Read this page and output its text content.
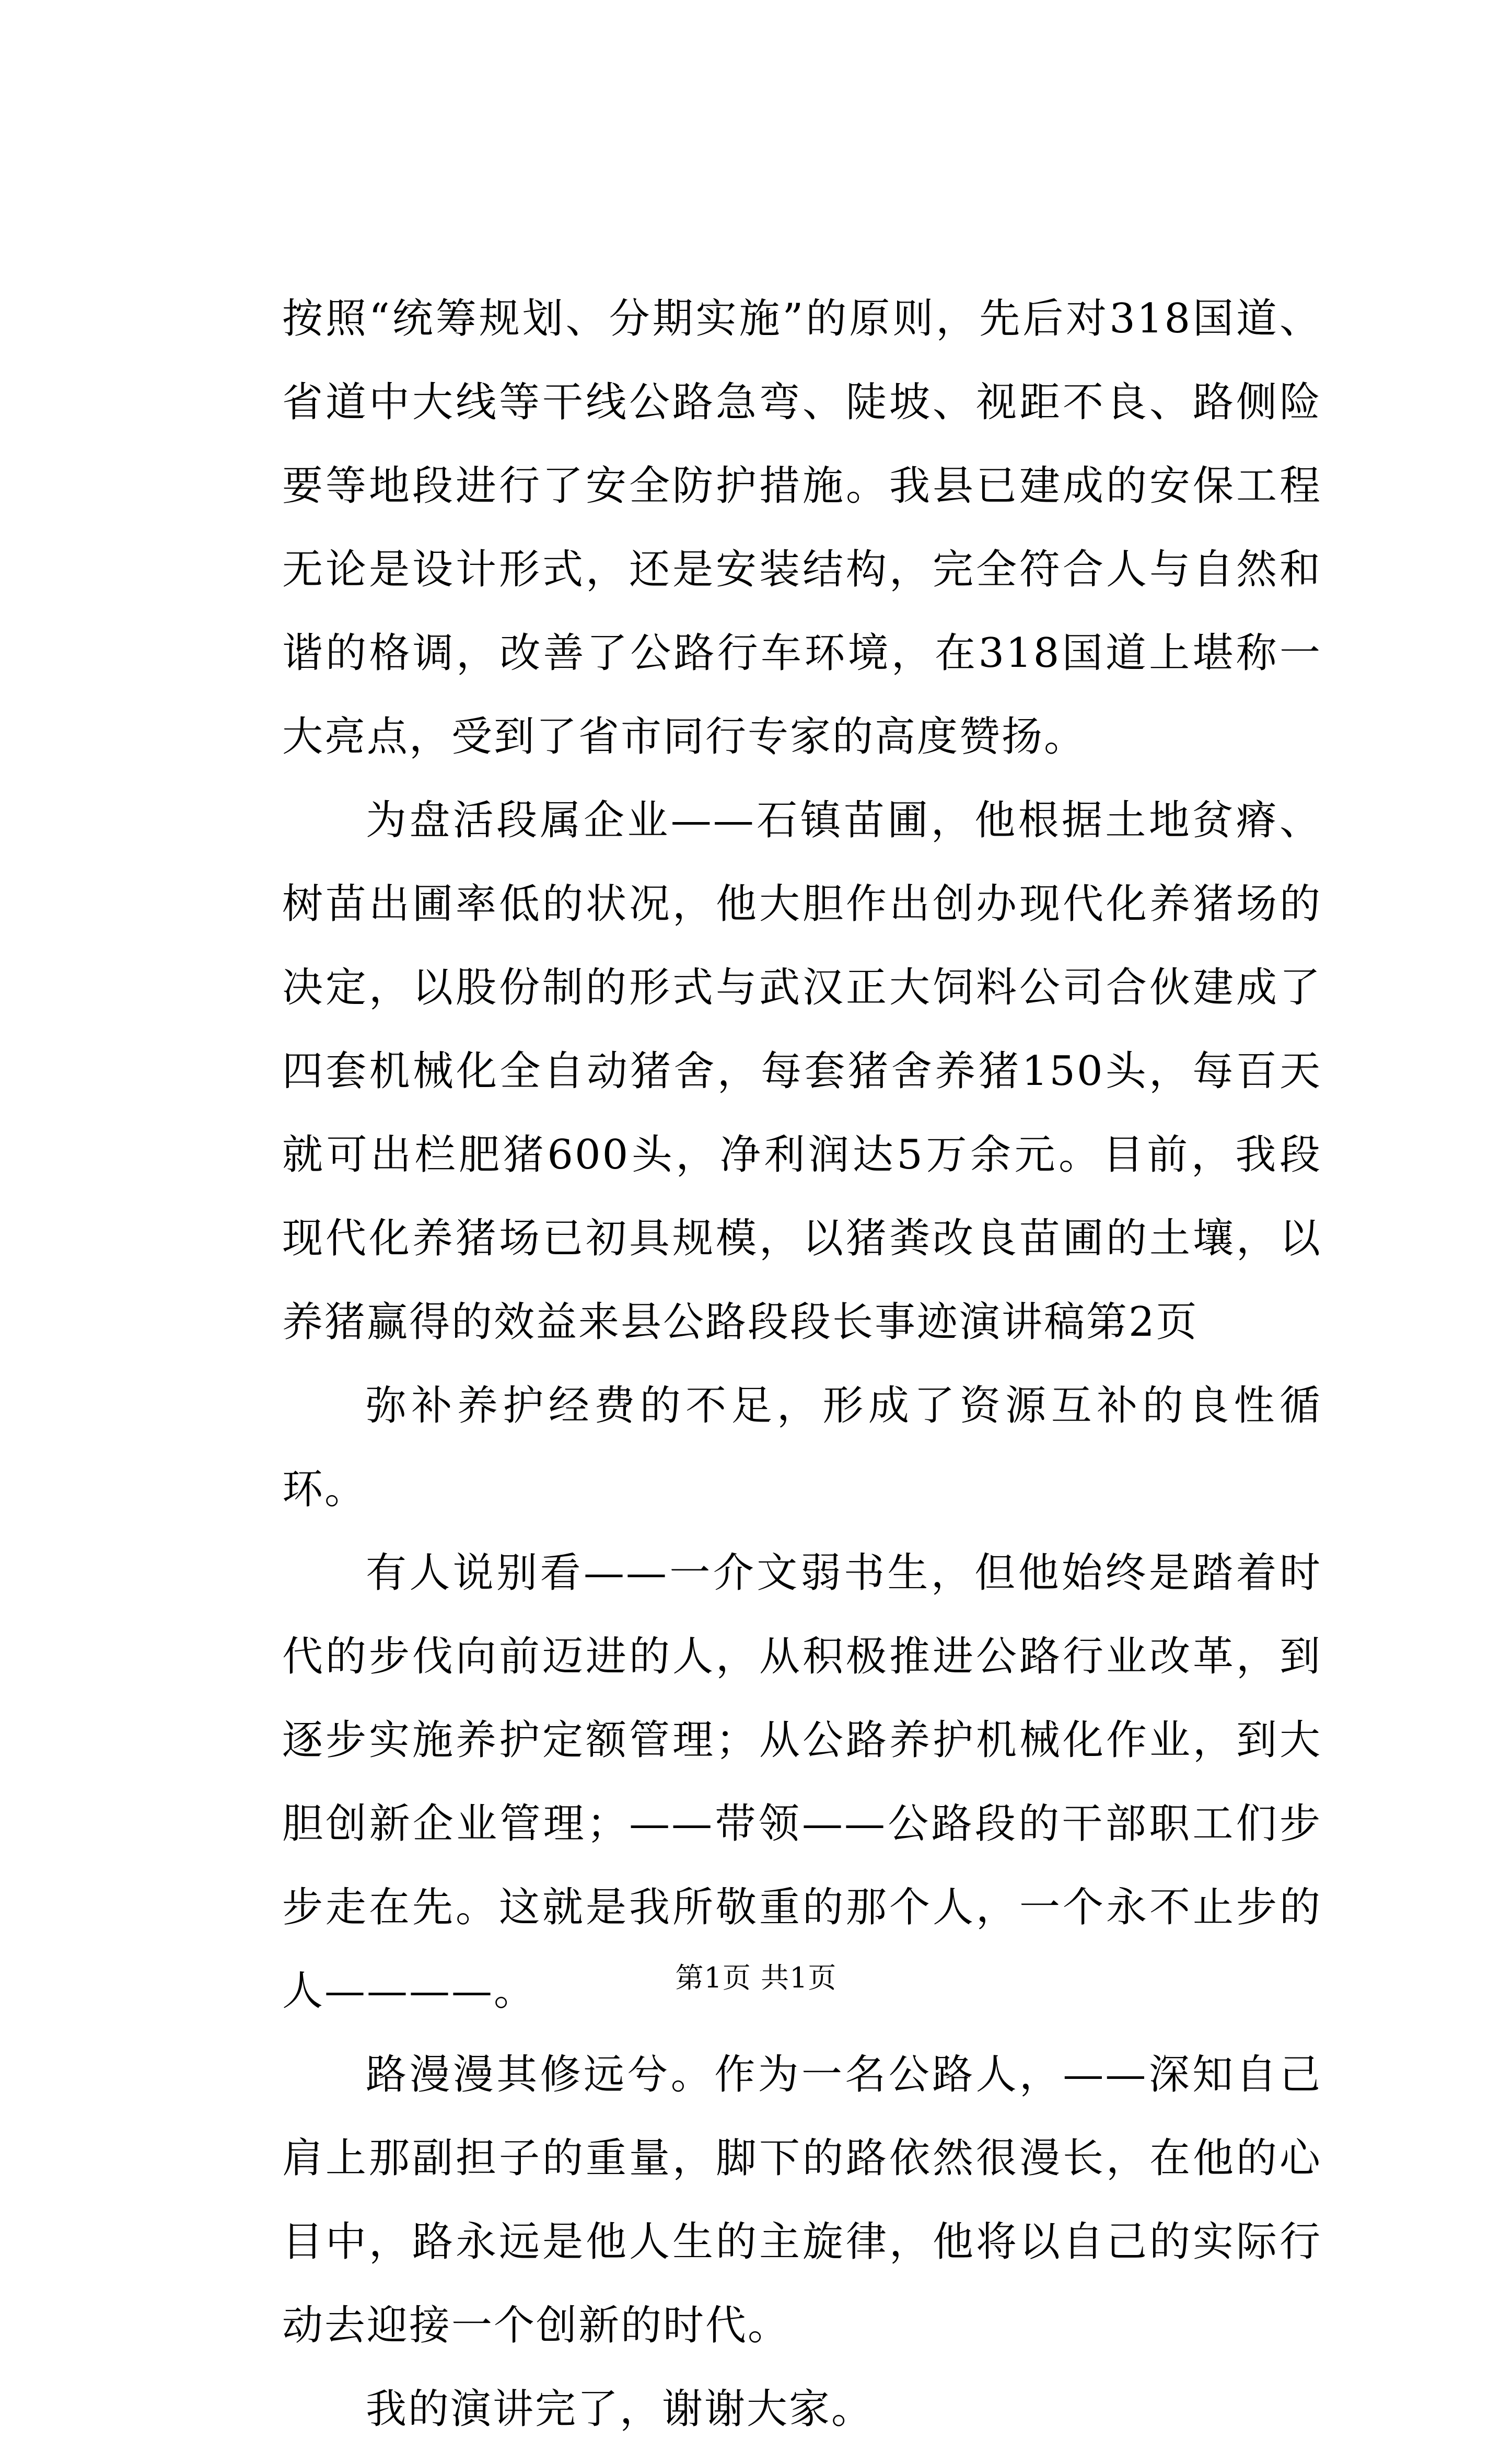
按照“统筹规划、分期实施”的原则，先后对318国道、省道中大线等干线公路急弯、陡坡、视距不良、路侧险要等地段进行了安全防护措施。我县已建成的安保工程无论是设计形式，还是安装结构，完全符合人与自然和谐的格调，改善了公路行车环境，在318国道上堪称一大亮点，受到了省市同行专家的高度赞扬。

为盘活段属企业——石镇苗圃，他根据土地贫瘠、树苗出圃率低的状况，他大胆作出创办现代化养猪场的决定，以股份制的形式与武汉正大饲料公司合伙建成了四套机械化全自动猪舍，每套猪舍养猪150头，每百天就可出栏肥猪600头，净利润达5万余元。目前，我段现代化养猪场已初具规模，以猪粪改良苗圃的土壤，以养猪赢得的效益来县公路段段长事迹演讲稿第2页

弥补养护经费的不足，形成了资源互补的良性循环。

有人说别看——一介文弱书生，但他始终是踏着时代的步伐向前迈进的人，从积极推进公路行业改革，到逐步实施养护定额管理；从公路养护机械化作业，到大胆创新企业管理；——带领——公路段的干部职工们步步走在先。这就是我所敬重的那个人，一个永不止步的人————。

路漫漫其修远兮。作为一名公路人，——深知自己肩上那副担子的重量，脚下的路依然很漫长，在他的心目中，路永远是他人生的主旋律，他将以自己的实际行动去迎接一个创新的时代。

我的演讲完了，谢谢大家。

第1页 共1页
